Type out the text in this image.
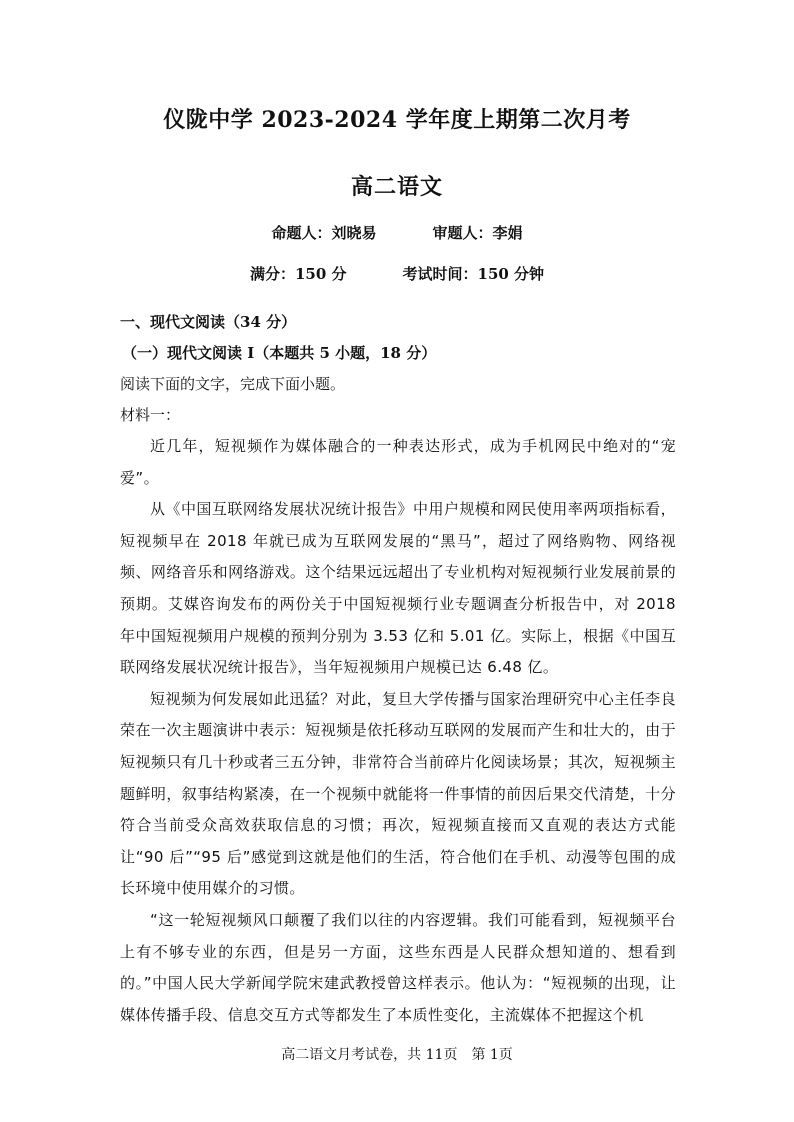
仪陇中学 2023-2024 学年度上期第二次月考
高二语文
命题人：刘晓易	审题人：李娟
满分：150 分	考试时间：150 分钟
一、现代文阅读（34 分）
（一）现代文阅读 I（本题共 5 小题，18 分）
阅读下面的文字，完成下面小题。
材料一：

近几年，短视频作为媒体融合的一种表达形式，成为手机网民中绝对的“宠爱”。

从《中国互联网络发展状况统计报告》中用户规模和网民使用率两项指标看，短视频早在 2018 年就已成为互联网发展的“黑马”，超过了网络购物、网络视频、网络音乐和网络游戏。这个结果远远超出了专业机构对短视频行业发展前景的预期。艾媒咨询发布的两份关于中国短视频行业专题调查分析报告中，对 2018 年中国短视频用户规模的预判分别为 3.53 亿和 5.01 亿。实际上，根据《中国互联网络发展状况统计报告》，当年短视频用户规模已达 6.48 亿。

短视频为何发展如此迅猛？对此，复旦大学传播与国家治理研究中心主任李良荣在一次主题演讲中表示：短视频是依托移动互联网的发展而产生和壮大的，由于短视频只有几十秒或者三五分钟，非常符合当前碎片化阅读场景；其次，短视频主题鲜明，叙事结构紧凑，在一个视频中就能将一件事情的前因后果交代清楚，十分符合当前受众高效获取信息的习惯；再次，短视频直接而又直观的表达方式能让“90 后”“95 后”感觉到这就是他们的生活，符合他们在手机、动漫等包围的成长环境中使用媒介的习惯。

“这一轮短视频风口颠覆了我们以往的内容逻辑。我们可能看到，短视频平台上有不够专业的东西，但是另一方面，这些东西是人民群众想知道的、想看到的。”中国人民大学新闻学院宋建武教授曾这样表示。他认为：“短视频的出现，让媒体传播手段、信息交互方式等都发生了本质性变化，主流媒体不把握这个机

高二语文月考试卷，共 11页　第 1页
